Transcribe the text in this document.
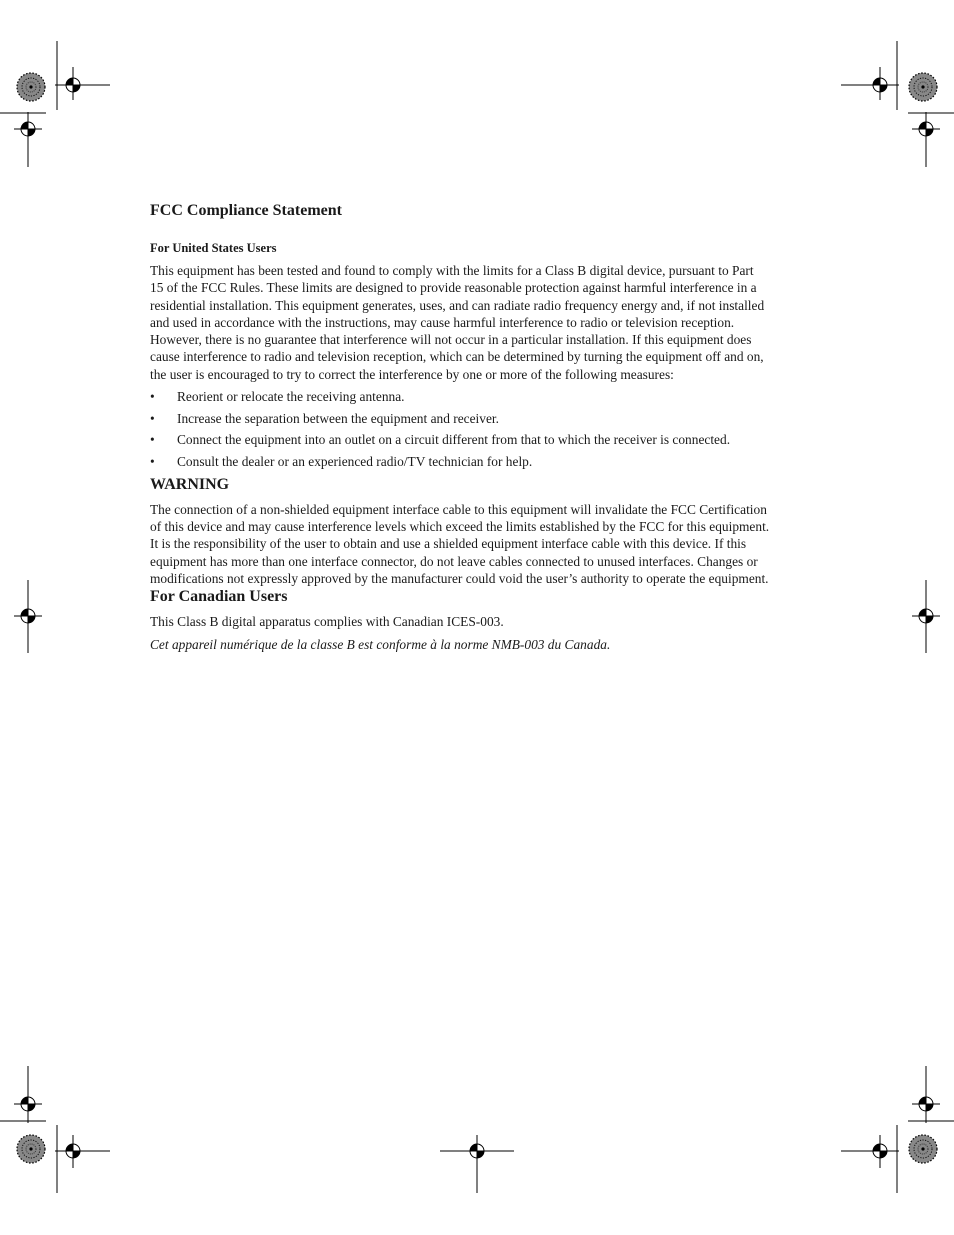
FCC Compliance Statement
For United States Users

This equipment has been tested and found to comply with the limits for a Class B digital device, pursuant to Part 15 of the FCC Rules. These limits are designed to provide reasonable protection against harmful interference in a residential installation. This equipment generates, uses, and can radiate radio frequency energy and, if not installed and used in accordance with the instructions, may cause harmful interference to radio or television reception. However, there is no guarantee that interference will not occur in a particular installation. If this equipment does cause interference to radio and television reception, which can be determined by turning the equipment off and on, the user is encouraged to try to correct the interference by one or more of the following measures:

• Reorient or relocate the receiving antenna.
• Increase the separation between the equipment and receiver.
• Connect the equipment into an outlet on a circuit different from that to which the receiver is connected.
• Consult the dealer or an experienced radio/TV technician for help.
WARNING

The connection of a non-shielded equipment interface cable to this equipment will invalidate the FCC Certification of this device and may cause interference levels which exceed the limits established by the FCC for this equipment. It is the responsibility of the user to obtain and use a shielded equipment interface cable with this device. If this equipment has more than one interface connector, do not leave cables connected to unused interfaces. Changes or modifications not expressly approved by the manufacturer could void the user’s authority to operate the equipment.

For Canadian Users

This Class B digital apparatus complies with Canadian ICES-003.

Cet appareil numérique de la classe B est conforme à la norme NMB-003 du Canada.
